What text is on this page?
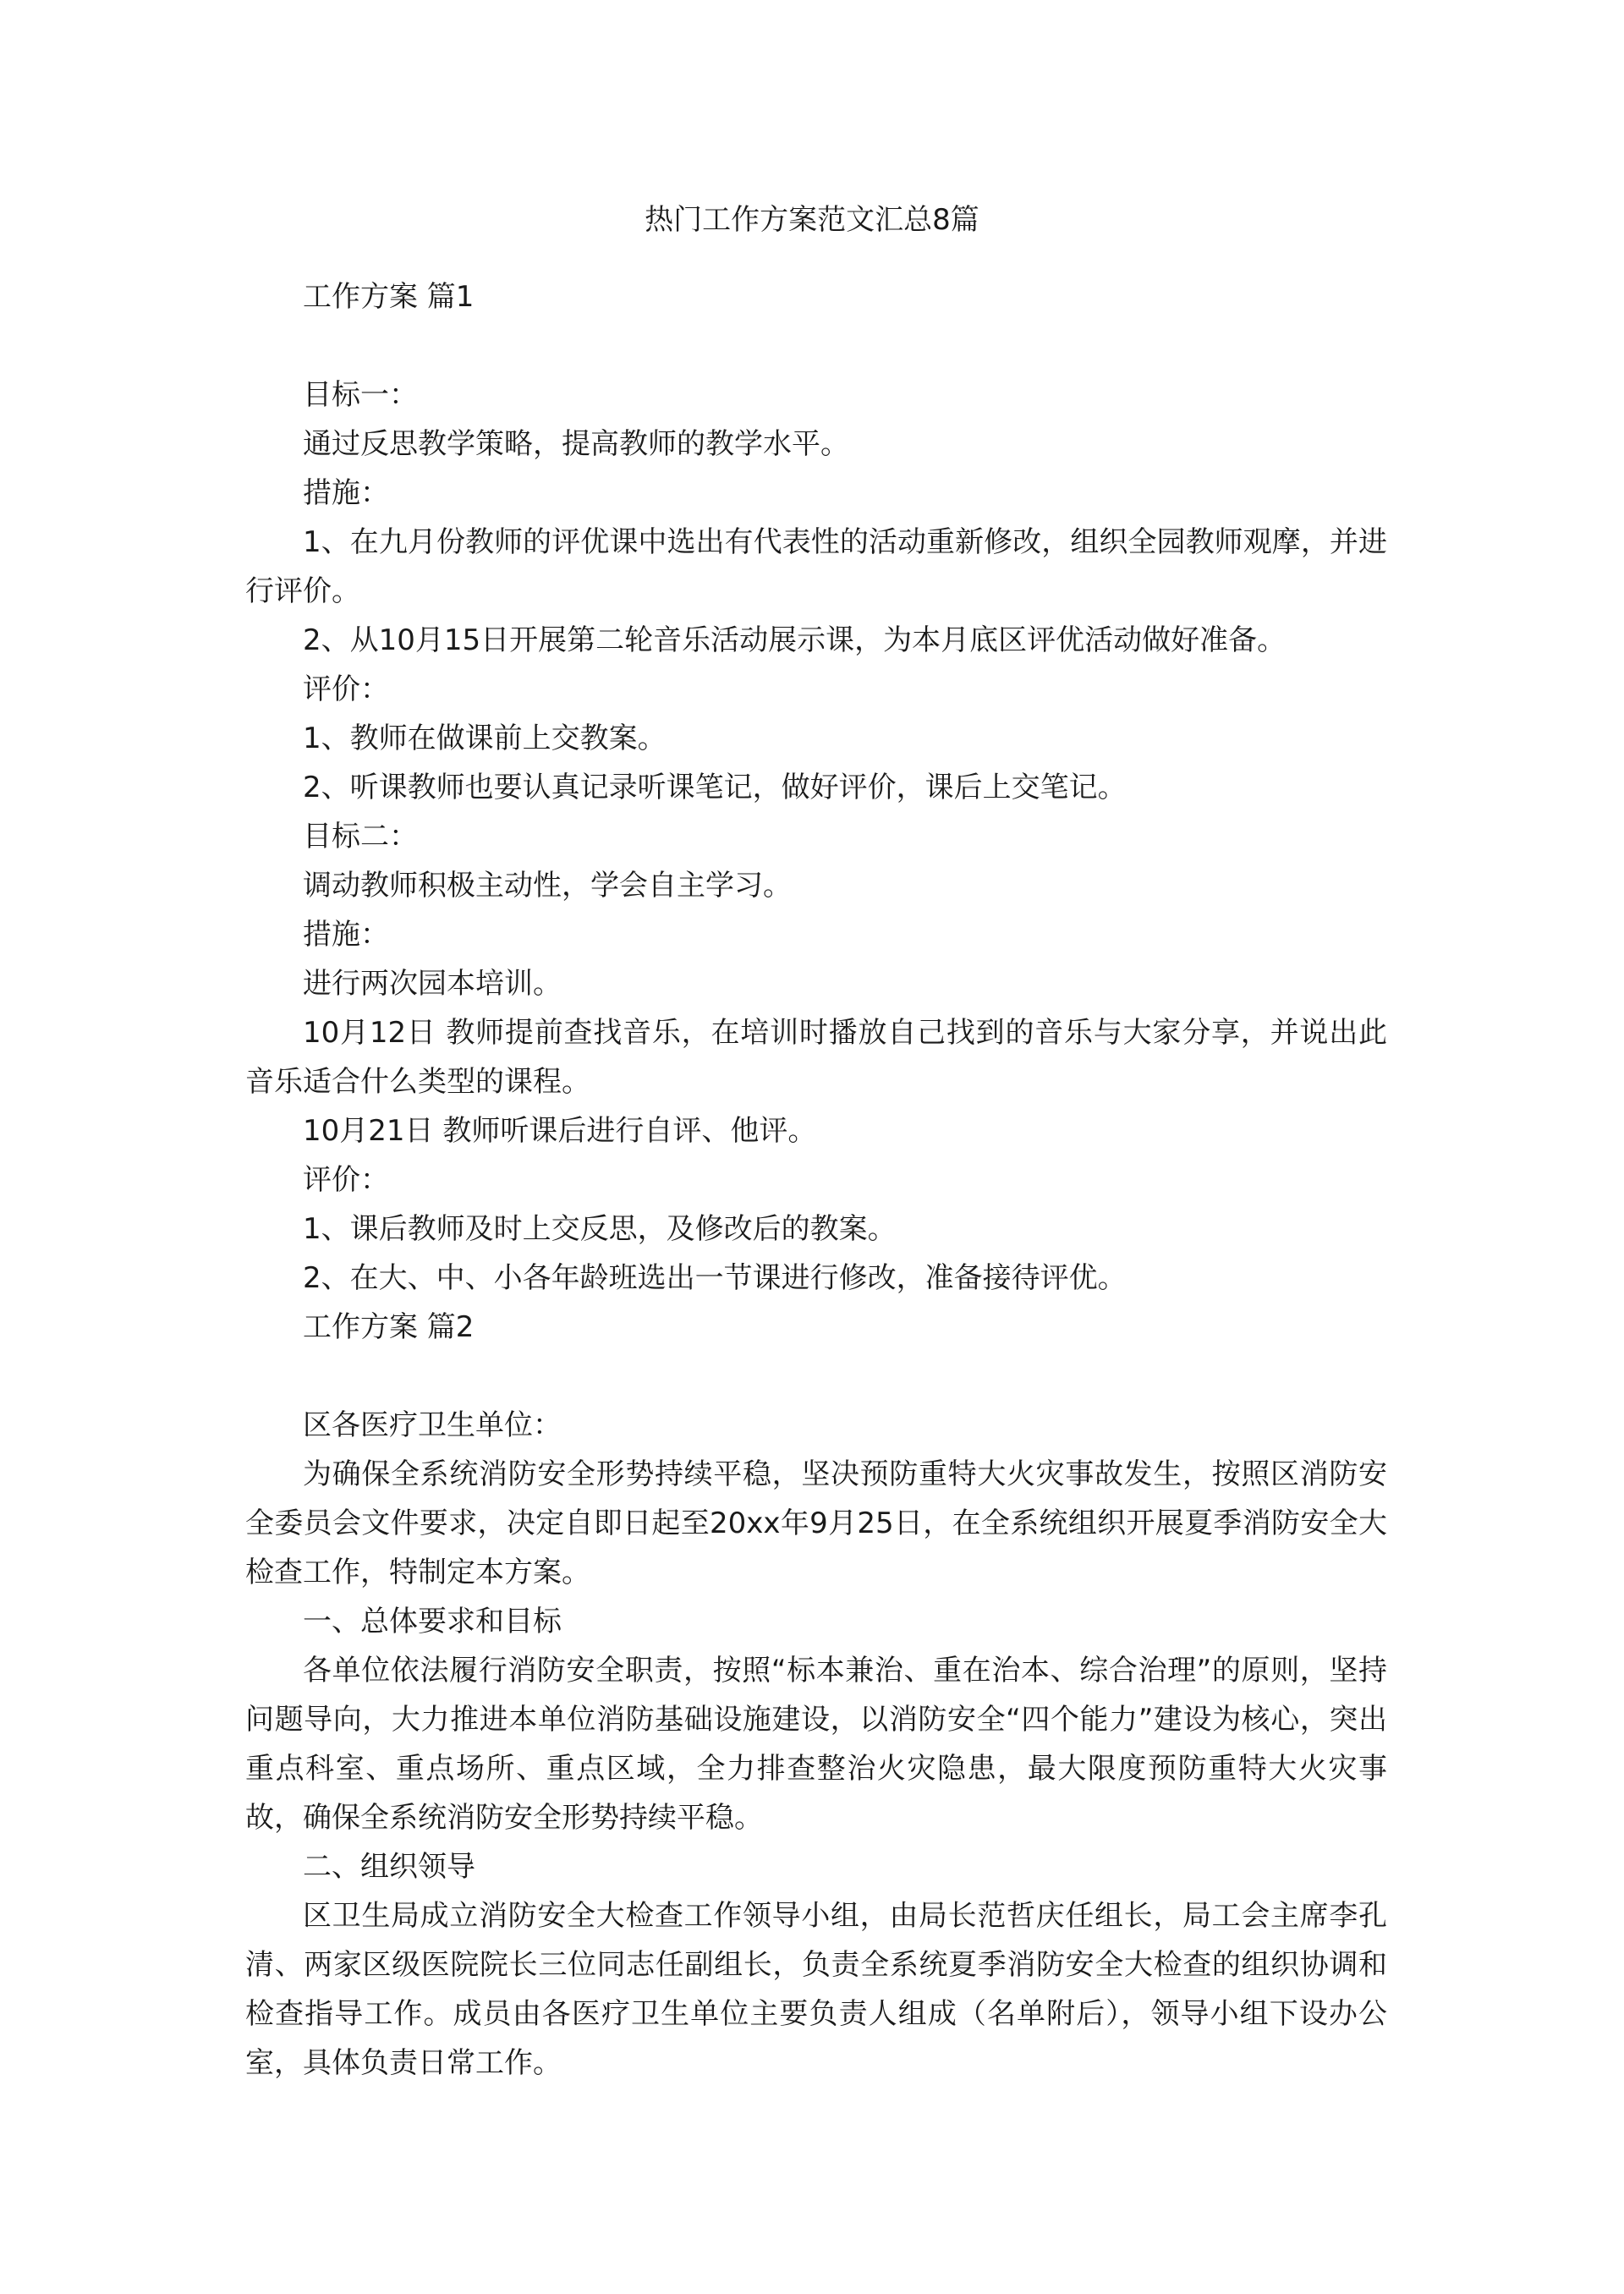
热门工作方案范文汇总8篇
工作方案 篇1

目标一：

通过反思教学策略，提高教师的教学水平。

措施：

1、在九月份教师的评优课中选出有代表性的活动重新修改，组织全园教师观摩，并进行评价。

2、从10月15日开展第二轮音乐活动展示课，为本月底区评优活动做好准备。

评价：

1、教师在做课前上交教案。

2、听课教师也要认真记录听课笔记，做好评价，课后上交笔记。

目标二：

调动教师积极主动性，学会自主学习。

措施：

进行两次园本培训。

10月12日 教师提前查找音乐，在培训时播放自己找到的音乐与大家分享，并说出此音乐适合什么类型的课程。

10月21日 教师听课后进行自评、他评。

评价：

1、课后教师及时上交反思，及修改后的教案。

2、在大、中、小各年龄班选出一节课进行修改，准备接待评优。

工作方案 篇2

区各医疗卫生单位：

为确保全系统消防安全形势持续平稳，坚决预防重特大火灾事故发生，按照区消防安全委员会文件要求，决定自即日起至20xx年9月25日，在全系统组织开展夏季消防安全大检查工作，特制定本方案。

一、总体要求和目标

各单位依法履行消防安全职责，按照“标本兼治、重在治本、综合治理”的原则，坚持问题导向，大力推进本单位消防基础设施建设，以消防安全“四个能力”建设为核心，突出重点科室、重点场所、重点区域，全力排查整治火灾隐患，最大限度预防重特大火灾事故，确保全系统消防安全形势持续平稳。

二、组织领导

区卫生局成立消防安全大检查工作领导小组，由局长范哲庆任组长，局工会主席李孔清、两家区级医院院长三位同志任副组长，负责全系统夏季消防安全大检查的组织协调和检查指导工作。成员由各医疗卫生单位主要负责人组成（名单附后），领导小组下设办公室，具体负责日常工作。
